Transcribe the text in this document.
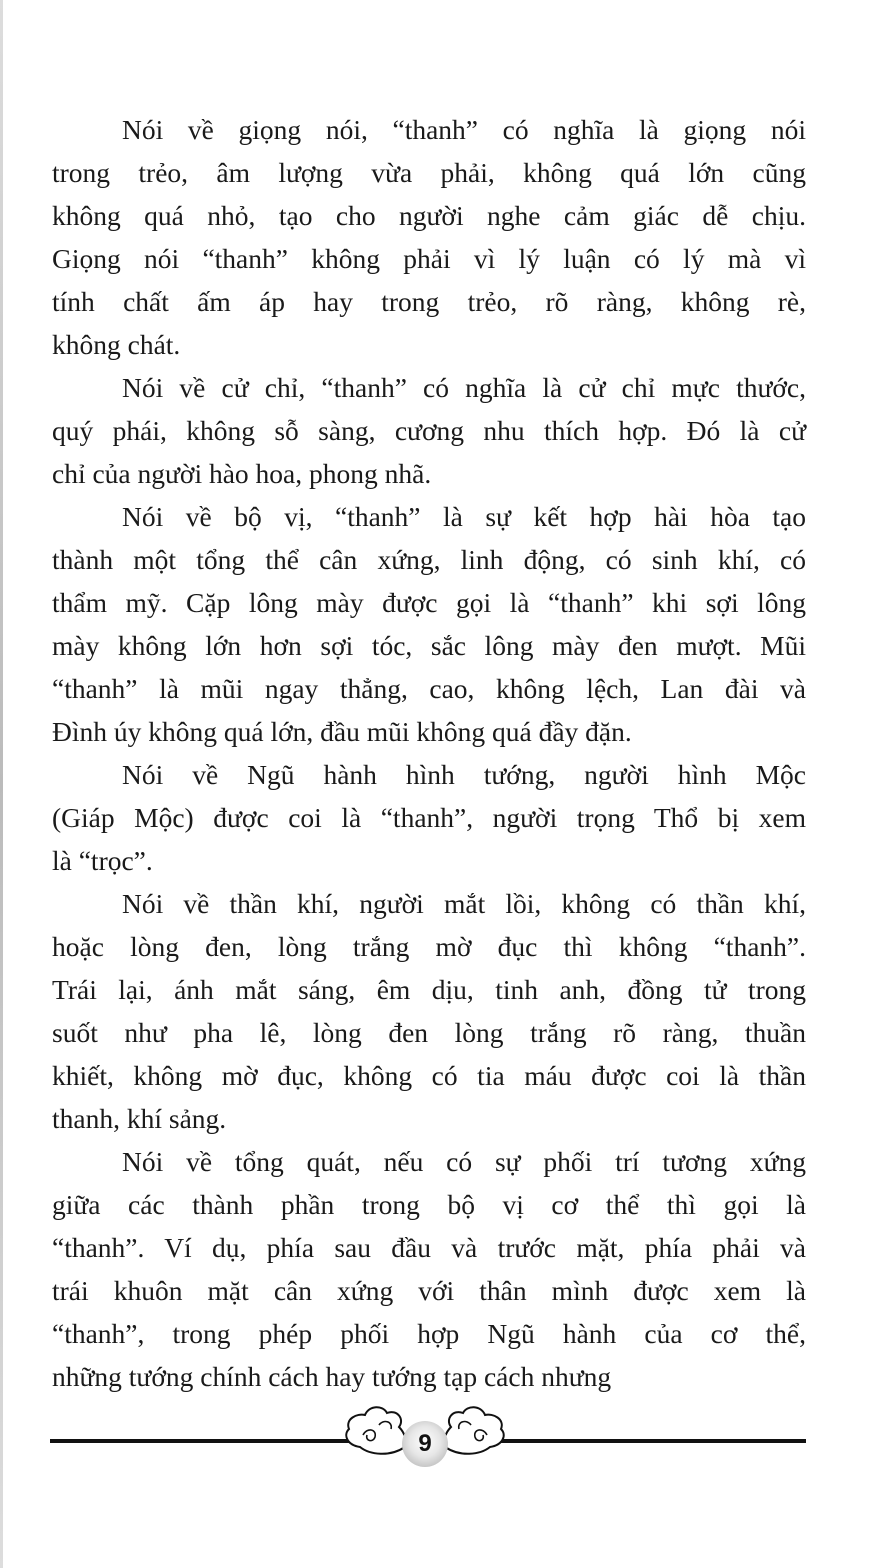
Nói về giọng nói, “thanh” có nghĩa là giọng nói
trong trẻo, âm lượng vừa phải, không quá lớn cũng
không quá nhỏ, tạo cho người nghe cảm giác dễ chịu.
Giọng nói “thanh” không phải vì lý luận có lý mà vì
tính chất ấm áp hay trong trẻo, rõ ràng, không rè,
không chát.
Nói về cử chỉ, “thanh” có nghĩa là cử chỉ mực thước,
quý phái, không sỗ sàng, cương nhu thích hợp. Đó là cử
chỉ của người hào hoa, phong nhã.
Nói về bộ vị, “thanh” là sự kết hợp hài hòa tạo
thành một tổng thể cân xứng, linh động, có sinh khí, có
thẩm mỹ. Cặp lông mày được gọi là “thanh” khi sợi lông
mày không lớn hơn sợi tóc, sắc lông mày đen mượt. Mũi
“thanh” là mũi ngay thẳng, cao, không lệch, Lan đài và
Đình úy không quá lớn, đầu mũi không quá đầy đặn.
Nói về Ngũ hành hình tướng, người hình Mộc
(Giáp Mộc) được coi là “thanh”, người trọng Thổ bị xem
là “trọc”.
Nói về thần khí, người mắt lồi, không có thần khí,
hoặc lòng đen, lòng trắng mờ đục thì không “thanh”.
Trái lại, ánh mắt sáng, êm dịu, tinh anh, đồng tử trong
suốt như pha lê, lòng đen lòng trắng rõ ràng, thuần
khiết, không mờ đục, không có tia máu được coi là thần
thanh, khí sảng.
Nói về tổng quát, nếu có sự phối trí tương xứng
giữa các thành phần trong bộ vị cơ thể thì gọi là
“thanh”. Ví dụ, phía sau đầu và trước mặt, phía phải và
trái khuôn mặt cân xứng với thân mình được xem là
“thanh”, trong phép phối hợp Ngũ hành của cơ thể,
những tướng chính cách hay tướng tạp cách nhưng
9
